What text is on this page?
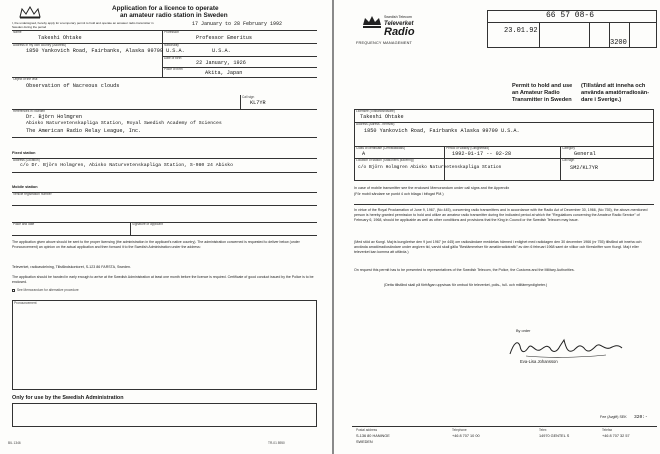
Application for a licence to operate
an amateur radio station in Sweden
I, the undersigned, hereby apply for a temporary permit to hold and operate an amateur radio transmitter in Sweden during the period	17 January to 28 February 1992
Name
Takeshi Ohtake
Profession
Professor Emeritus
Address in my own country (Address)
1850 Yankovich Road, Fairbanks, Alaska 99709 U.S.A.
Nationality
U.S.A.
Date of birth
22 January, 1926
Place of birth
Akita, Japan
Object of the visit
Observation of Nacreous clouds
Call sign
KL7YR
References in Sweden
Dr. Björn Holmgren
Abisko Naturvetenskapliga Station, Royal Swedish Academy of Sciences
The American Radio Relay League, Inc.
Fixed station
Address (Location)
c/o Dr. Björn Holmgren, Abisko Naturvetenskapliga Station, S-980 24 Abisko
Mobile station
Vehicle registration number
Place and date	Signature of applicant
The application given above should be sent to the proper licensing (the administration in the applicant's native country). The administration concerned is requested to deliver below (under Pronouncement) an opinion on the actual application and then forward it to the Swedish Administration under the address:
Televerket, radioavdelning, Tillståndskontoret, S-123 86 FARSTA, Sweden.
The application should be handed in early enough to arrive at the Swedish Administration at least one month before the licence is required. Certificate of good conduct issued by the Police is to be enclosed.
See Memorandum for alternative procedure
Pronouncement
Only for use by the Swedish Administration
BIL 1346	TR-01 8950
Swedish Telecom
Televerket
Radio
FREQUENCY MANAGEMENT
66 57 08-6
23.01.92
3200
Permit to hold and use
an Amateur Radio
Transmitter in Sweden
(Tillstånd att inneha och
använda amatörradiosän-
dare i Sverige.)
Licensee (Tillståndshavare)
Takeshi Ohtake
Address (Adress - hemvist)
1850 Yankovich Road, Fairbanks Alaska 99709 U.S.A.
Class of certificate (Certifikatklass)
A
Period of validity (Giltighetstid)
1992-01-17 -- 02-28
Category
General
Location of station (Stationens placering)
c/o Björn Holmgren Abisko Naturvetenskapliga Station
Call sign
SM2/KL7YR
In case of mobile transmitter see the enclosed Memorandum under call signs and the Appendix
(För mobil sändare se punkt 4 och bilaga i bifogat PM.)
In virtue of the Royal Proclamation of June 9, 1967, (No 445), concerning radio transmitters and in accordance with the Radio Act of December 30, 1966, (No 755), the above-mentioned person is hereby granted permission to hold and utilize an amateur radio transmitter during the indicated period at which the "Regulations concerning the Amateur Radio Service" of February 6, 1968, should be applicable as well as other conditions and provisions that the King in Council or the Swedish Telecom may issue.
(Med stöd av Kungl. Maj:ts kungörelse den 9 juni 1967 (nr 445) om radiosändare meddelas härmed i enlighet med radiolagen den 30 december 1966 (nr 755) tillstånd att inneha och använda amatörradiosändare under angiven tid, varvid skall gälla "Bestämmelser för amatörradiotrafik" av den 6 februari 1968 samt de villkor och föreskrifter som Kungl. Maj:t eller televerket kan komma att utfärda.)
On request this permit has to be presented to representatives of the Swedish Telecom, the Police, the Customs and the Military Authorities.
(Detta tillstånd skall på förfrågan uppvisas för ombud för televerket, polis-, tull- och militärmyndigheter.)
By order
Eva-Lisa Johansson
Fee (Avgift) SEK 320:-
Postal address
S-136 80 HANINGE
SWEDEN
Telephone
+46 8 707 10 00
Telex
14970 GENTEL S
Telefax
+46 8 707 32 57
